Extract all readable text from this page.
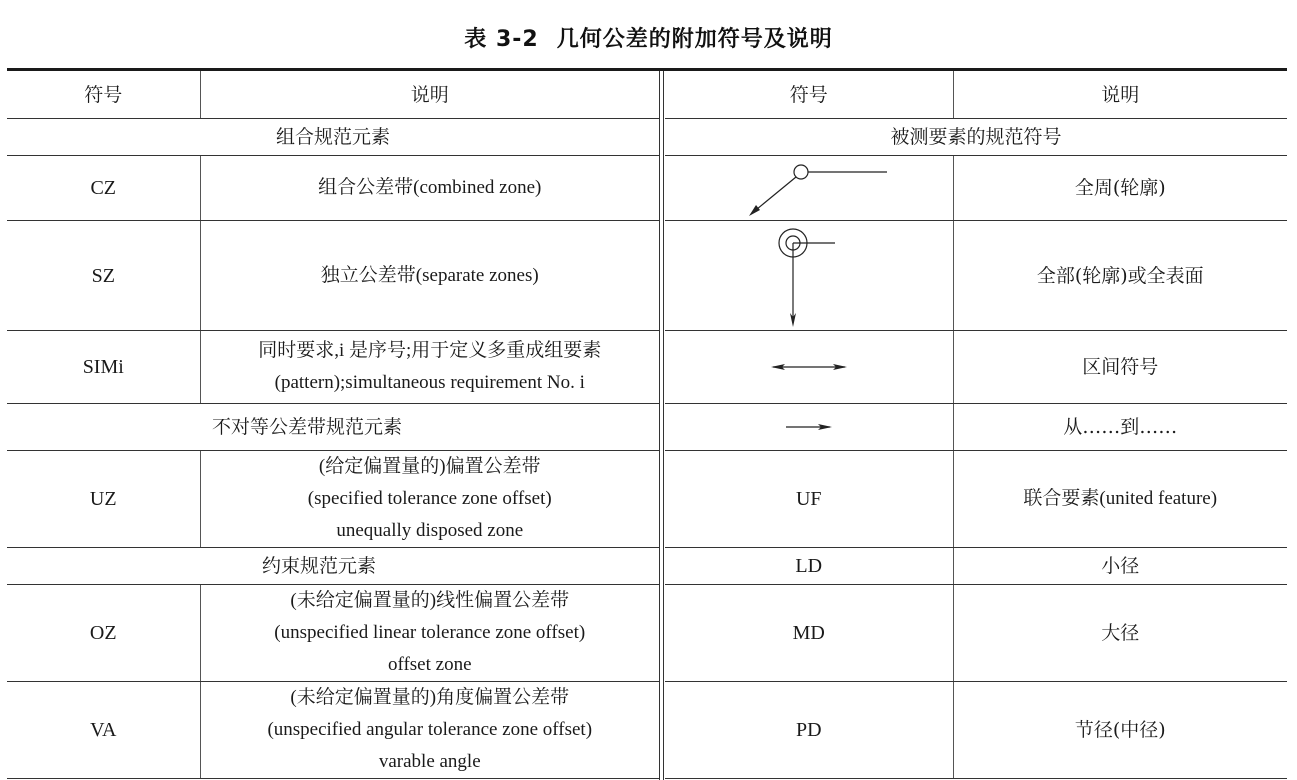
表 3-2 几何公差的附加符号及说明
符号	说明
组合规范元素	
CZ	组合公差带(combined zone)
SZ	独立公差带(separate zones)
SIMi	同时要求,i 是序号;用于定义多重成组要素
(pattern);simultaneous requirement No. i

不对等公差带规范元素	
UZ	(给定偏置量的)偏置公差带
(specified tolerance zone offset)
unequally disposed zone

约束规范元素	
OZ	(未给定偏置量的)线性偏置公差带
(unspecified linear tolerance zone offset)
offset zone

VA	(未给定偏置量的)角度偏置公差带
(unspecified angular tolerance zone offset)
varable angle
符号	说明
被测要素的规范符号	

	全周(轮廓)

	全部(轮廓)或全表面

	区间符号

	从……到……
UF	联合要素(united feature)
LD	小径
MD	大径
PD	节径(中径)
